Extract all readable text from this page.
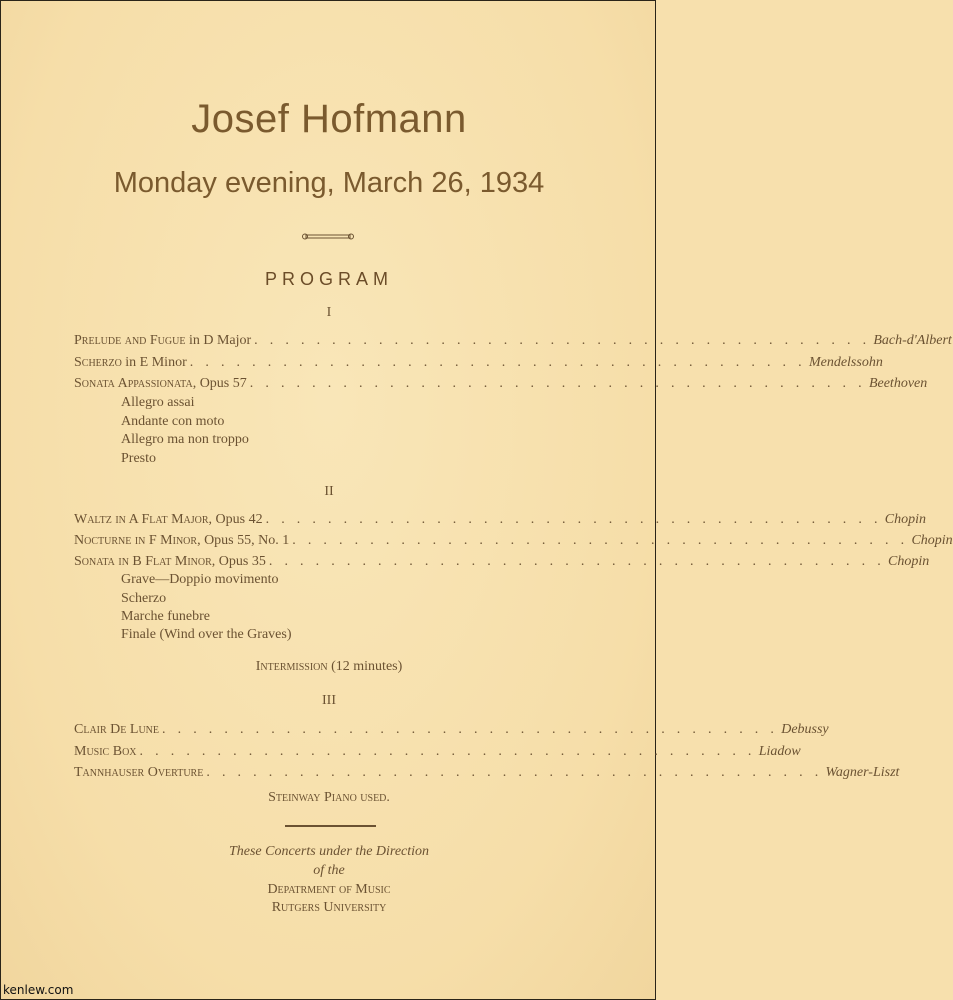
Josef Hofmann
Monday evening, March 26, 1934
PROGRAM
I
Prelude and Fugue in D Major . . . . . . . . . . . . . . . . . . . . . . . . . . . . . . . . . . . . . . . . Bach-d'Albert
Scherzo in E Minor . . . . . . . . . . . . . . . . . . . . . . . . . . . . . . . . . . . . . . . . Mendelssohn
Sonata Appassionata, Opus 57 . . . . . . . . . . . . . . . . . . . . . . . . . . . . . . . . . . . . . . . . Beethoven
Allegro assai
Andante con moto
Allegro ma non troppo
Presto
II
Waltz in A Flat Major, Opus 42 . . . . . . . . . . . . . . . . . . . . . . . . . . . . . . . . . . . . . . . . Chopin
Nocturne in F Minor, Opus 55, No. 1 . . . . . . . . . . . . . . . . . . . . . . . . . . . . . . . . . . . . . . . . Chopin
Sonata in B Flat Minor, Opus 35 . . . . . . . . . . . . . . . . . . . . . . . . . . . . . . . . . . . . . . . . Chopin
Grave—Doppio movimento
Scherzo
Marche funebre
Finale (Wind over the Graves)
Intermission (12 minutes)
III
Clair De Lune . . . . . . . . . . . . . . . . . . . . . . . . . . . . . . . . . . . . . . . . Debussy
Music Box . . . . . . . . . . . . . . . . . . . . . . . . . . . . . . . . . . . . . . . . Liadow
Tannhauser Overture . . . . . . . . . . . . . . . . . . . . . . . . . . . . . . . . . . . . . . . . Wagner-Liszt
Steinway Piano used.
These Concerts under the Direction
of the
Depatrment of Music
Rutgers University
kenlew.com
